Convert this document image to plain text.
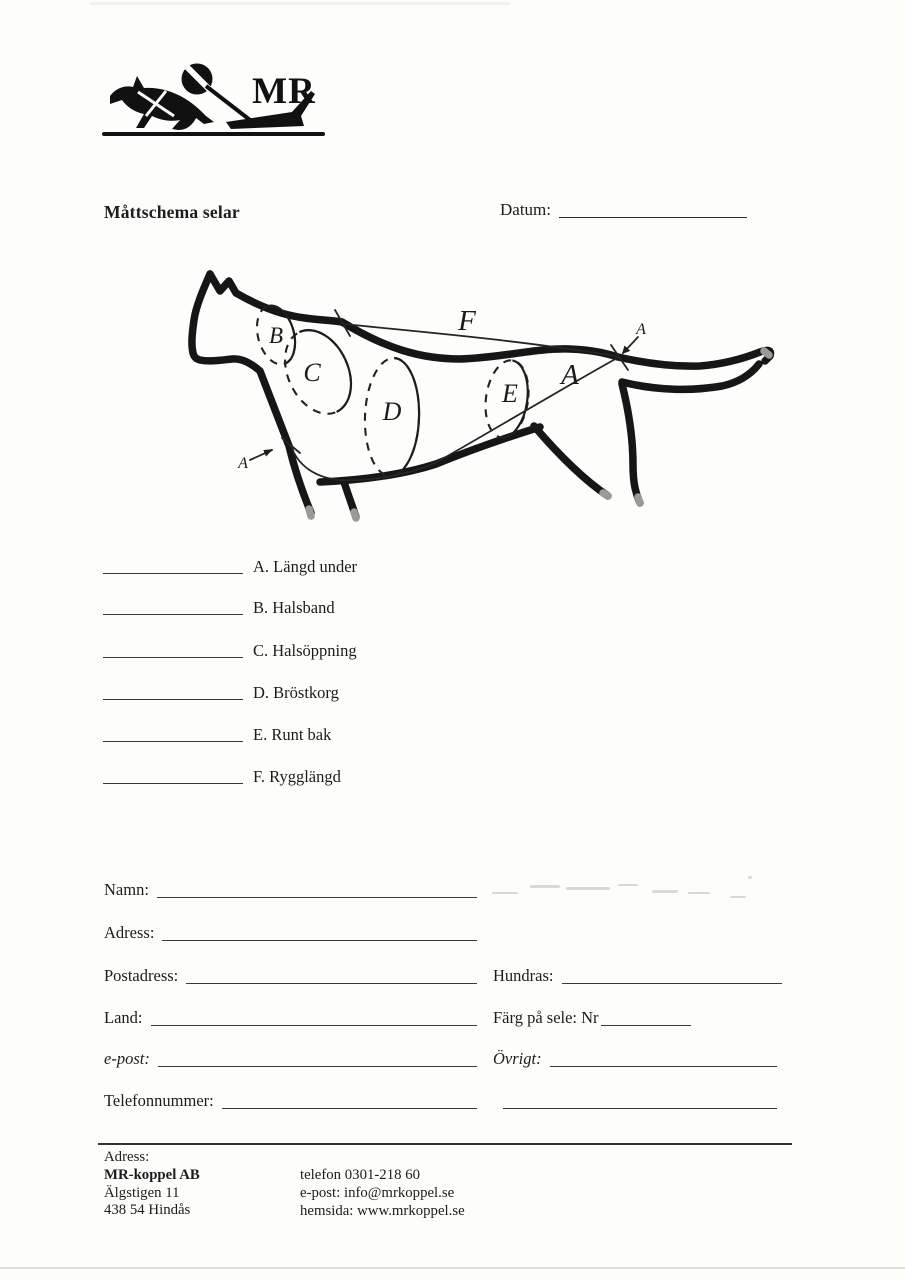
MR
Måttschema selar	Datum:
B
C
D
E
F
A
A
A
A. Längd under
B. Halsband
C. Halsöppning
D. Bröstkorg
E. Runt bak
F. Rygglängd
Namn:
Adress:
Postadress:
Land:
e-post:
Telefonnummer:
Hundras:
Färg på sele: Nr
Övrigt:
Adress:
MR-koppel AB
Älgstigen 11
438 54 Hindås
telefon 0301-218 60
e-post: info@mrkoppel.se
hemsida: www.mrkoppel.se
